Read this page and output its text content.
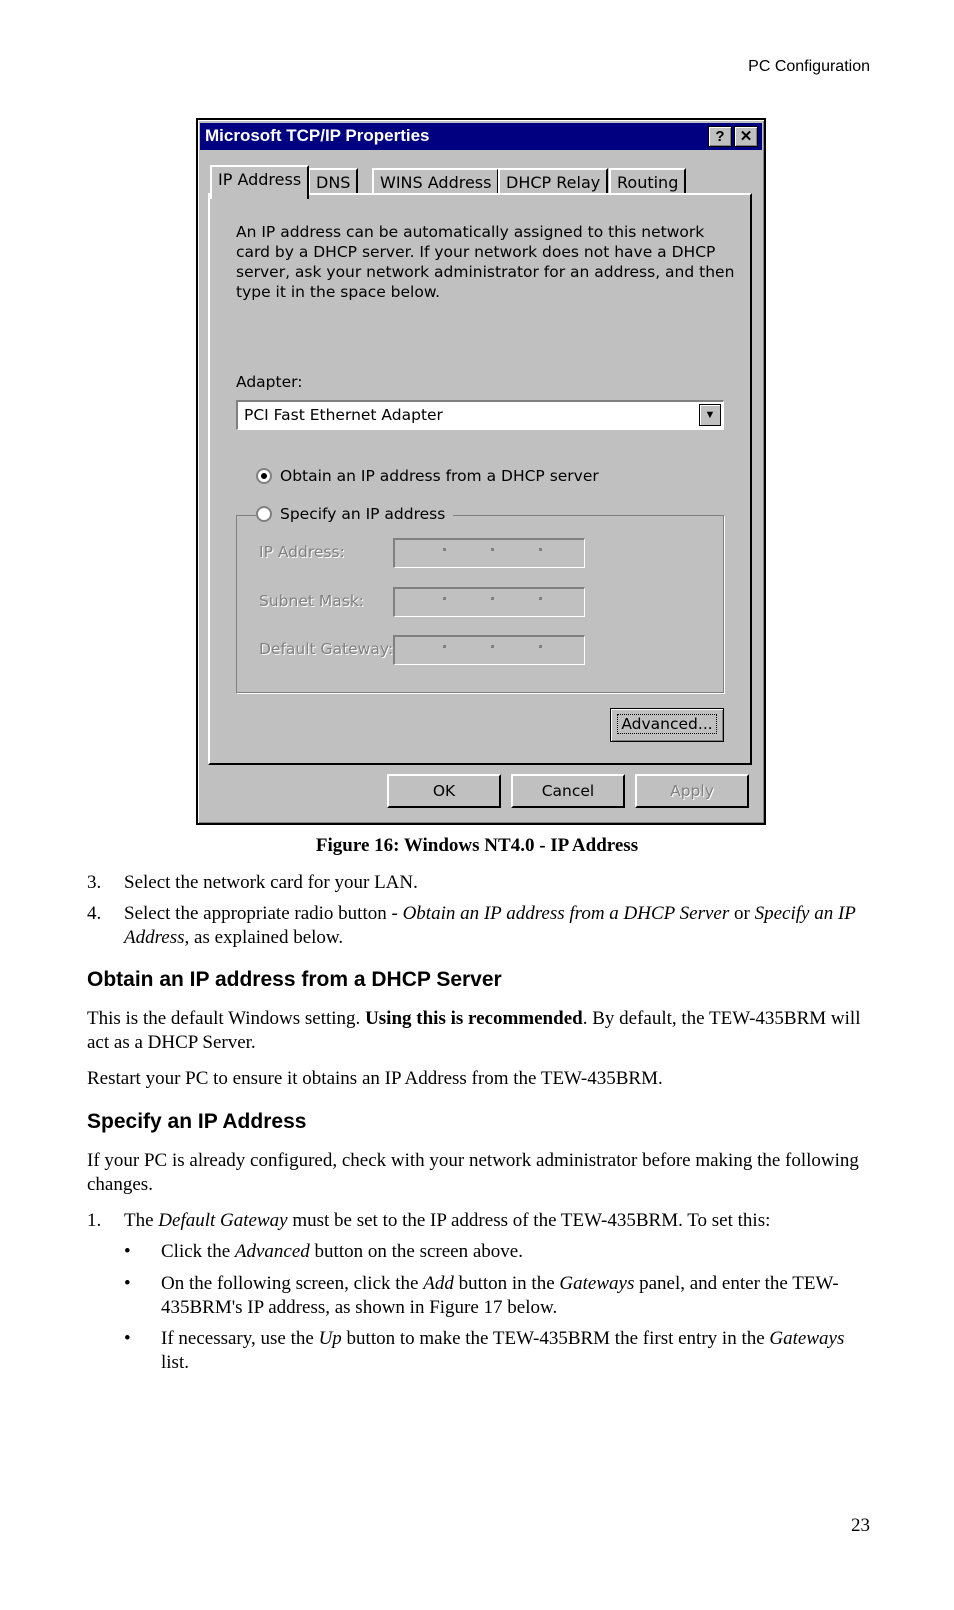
PC Configuration
Microsoft TCP/IP Properties	?	✕
IP Address DNS	WINS Address DHCP Relay	Routing
An IP address can be automatically assigned to this network card by a DHCP server. If your network does not have a DHCP server, ask your network administrator for an address, and then type it in the space below.
Adapter:
PCI Fast Ethernet Adapter	▼
Obtain an IP address from a DHCP server
IP Address:
Subnet Mask:
Default Gateway:
Specify an IP address
Advanced...
OK	Cancel	Apply
Figure 16: Windows NT4.0 - IP Address
3. Select the network card for your LAN.
4. Select the appropriate radio button - Obtain an IP address from a DHCP Server or Specify an IP Address, as explained below.
Obtain an IP address from a DHCP Server
This is the default Windows setting. Using this is recommended. By default, the TEW-435BRM will act as a DHCP Server.
Restart your PC to ensure it obtains an IP Address from the TEW-435BRM.
Specify an IP Address
If your PC is already configured, check with your network administrator before making the following changes.
1. The Default Gateway must be set to the IP address of the TEW-435BRM. To set this:
• Click the Advanced button on the screen above.
• On the following screen, click the Add button in the Gateways panel, and enter the TEW-435BRM's IP address, as shown in Figure 17 below.
• If necessary, use the Up button to make the TEW-435BRM the first entry in the Gateways list.
23
